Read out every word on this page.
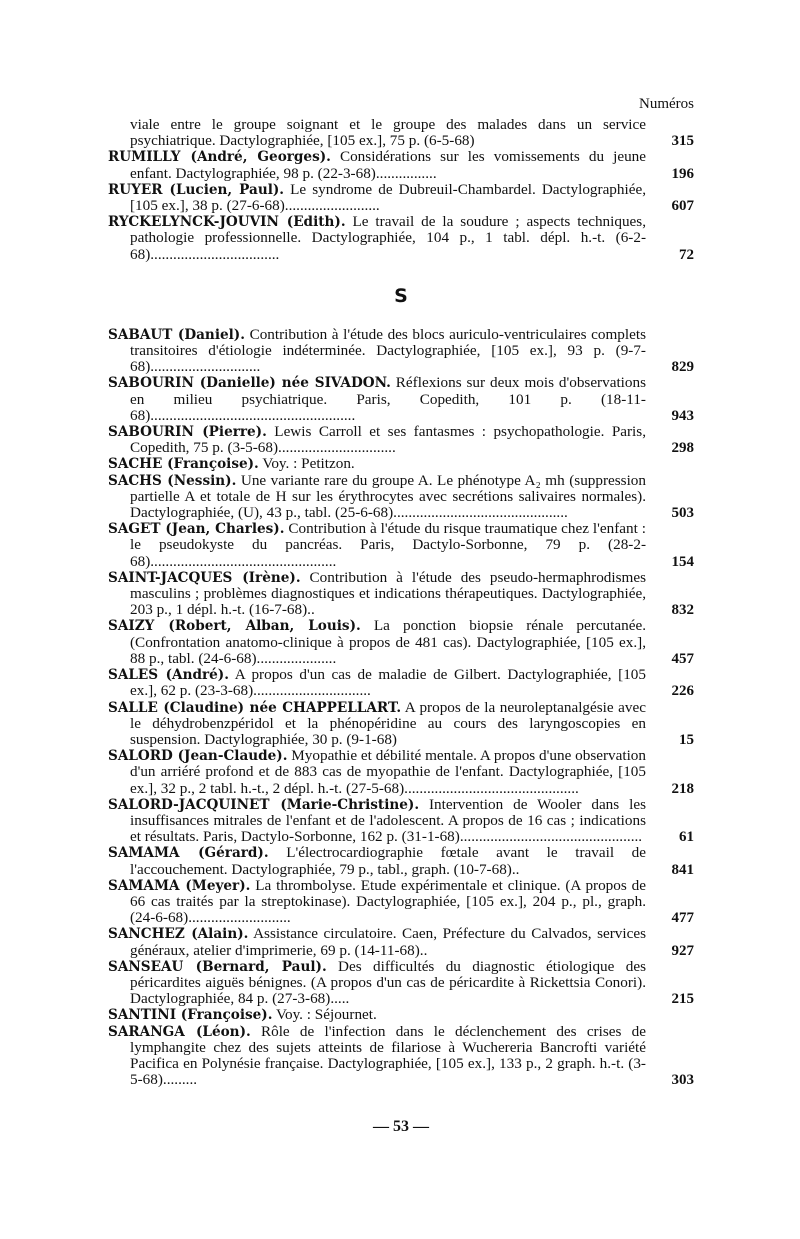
Numéros
viale entre le groupe soignant et le groupe des malades dans un service psychiatrique. Dactylographiée, [105 ex.], 75 p. (6-5-68)	315
RUMILLY (André, Georges). Considérations sur les vomissements du jeune enfant. Dactylographiée, 98 p. (22-3-68)................	196
RUYER (Lucien, Paul). Le syndrome de Dubreuil-Chambardel. Dactylographiée, [105 ex.], 38 p. (27-6-68).........................	607
RYCKELYNCK-JOUVIN (Edith). Le travail de la soudure ; aspects techniques, pathologie professionnelle. Dactylographiée, 104 p., 1 tabl. dépl. h.-t. (6-2-68)..................................	72
S
SABAUT (Daniel). Contribution à l'étude des blocs auriculo-ventriculaires complets transitoires d'étiologie indéterminée. Dactylographiée, [105 ex.], 93 p. (9-7-68).............................	829
SABOURIN (Danielle) née SIVADON. Réflexions sur deux mois d'observations en milieu psychiatrique. Paris, Copedith, 101 p. (18-11-68)......................................................	943
SABOURIN (Pierre). Lewis Carroll et ses fantasmes : psychopathologie. Paris, Copedith, 75 p. (3-5-68)...............................	298
SACHE (Françoise). Voy. : Petitzon.
SACHS (Nessin). Une variante rare du groupe A. Le phénotype A₂ mh (suppression partielle A et totale de H sur les érythrocytes avec secrétions salivaires normales). Dactylographiée, (U), 43 p., tabl. (25-6-68)..............................................	503
SAGET (Jean, Charles). Contribution à l'étude du risque traumatique chez l'enfant : le pseudokyste du pancréas. Paris, Dactylo-Sorbonne, 79 p. (28-2-68).................................................	154
SAINT-JACQUES (Irène). Contribution à l'étude des pseudo-hermaphrodismes masculins ; problèmes diagnostiques et indications thérapeutiques. Dactylographiée, 203 p., 1 dépl. h.-t. (16-7-68)..	832
SAIZY (Robert, Alban, Louis). La ponction biopsie rénale percutanée. (Confrontation anatomo-clinique à propos de 481 cas). Dactylographiée, [105 ex.], 88 p., tabl. (24-6-68).....................	457
SALES (André). A propos d'un cas de maladie de Gilbert. Dactylographiée, [105 ex.], 62 p. (23-3-68)...............................	226
SALLE (Claudine) née CHAPPELLART. A propos de la neuroleptanalgésie avec le déhydrobenzpéridol et la phénopéridine au cours des laryngoscopies en suspension. Dactylographiée, 30 p. (9-1-68)	15
SALORD (Jean-Claude). Myopathie et débilité mentale. A propos d'une observation d'un arriéré profond et de 883 cas de myopathie de l'enfant. Dactylographiée, [105 ex.], 32 p., 2 tabl. h.-t., 2 dépl. h.-t. (27-5-68)..............................................	218
SALORD-JACQUINET (Marie-Christine). Intervention de Wooler dans les insuffisances mitrales de l'enfant et de l'adolescent. A propos de 16 cas ; indications et résultats. Paris, Dactylo-Sorbonne, 162 p. (31-1-68)................................................	61
SAMAMA (Gérard). L'électrocardiographie fœtale avant le travail de l'accouchement. Dactylographiée, 79 p., tabl., graph. (10-7-68)..	841
SAMAMA (Meyer). La thrombolyse. Etude expérimentale et clinique. (A propos de 66 cas traités par la streptokinase). Dactylographiée, [105 ex.], 204 p., pl., graph. (24-6-68)...........................	477
SANCHEZ (Alain). Assistance circulatoire. Caen, Préfecture du Calvados, services généraux, atelier d'imprimerie, 69 p. (14-11-68)..	927
SANSEAU (Bernard, Paul). Des difficultés du diagnostic étiologique des péricardites aiguës bénignes. (A propos d'un cas de péricardite à Rickettsia Conori). Dactylographiée, 84 p. (27-3-68).....	215
SANTINI (Françoise). Voy. : Séjournet.
SARANGA (Léon). Rôle de l'infection dans le déclenchement des crises de lymphangite chez des sujets atteints de filariose à Wuchereria Bancrofti variété Pacifica en Polynésie française. Dactylographiée, [105 ex.], 133 p., 2 graph. h.-t. (3-5-68).........	303
— 53 —
